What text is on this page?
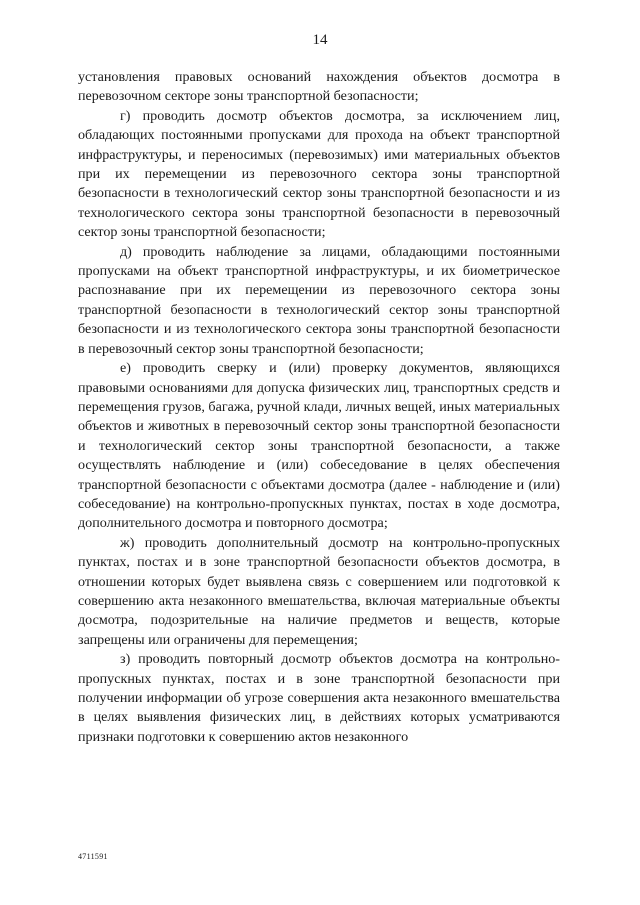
14

установления правовых оснований нахождения объектов досмотра в перевозочном секторе зоны транспортной безопасности;

г) проводить досмотр объектов досмотра, за исключением лиц, обладающих постоянными пропусками для прохода на объект транспортной инфраструктуры, и переносимых (перевозимых) ими материальных объектов при их перемещении из перевозочного сектора зоны транспортной безопасности в технологический сектор зоны транспортной безопасности и из технологического сектора зоны транспортной безопасности в перевозочный сектор зоны транспортной безопасности;

д) проводить наблюдение за лицами, обладающими постоянными пропусками на объект транспортной инфраструктуры, и их биометрическое распознавание при их перемещении из перевозочного сектора зоны транспортной безопасности в технологический сектор зоны транспортной безопасности и из технологического сектора зоны транспортной безопасности в перевозочный сектор зоны транспортной безопасности;

е) проводить сверку и (или) проверку документов, являющихся правовыми основаниями для допуска физических лиц, транспортных средств и перемещения грузов, багажа, ручной клади, личных вещей, иных материальных объектов и животных в перевозочный сектор зоны транспортной безопасности и технологический сектор зоны транспортной безопасности, а также осуществлять наблюдение и (или) собеседование в целях обеспечения транспортной безопасности с объектами досмотра (далее - наблюдение и (или) собеседование) на контрольно-пропускных пунктах, постах в ходе досмотра, дополнительного досмотра и повторного досмотра;

ж) проводить дополнительный досмотр на контрольно-пропускных пунктах, постах и в зоне транспортной безопасности объектов досмотра, в отношении которых будет выявлена связь с совершением или подготовкой к совершению акта незаконного вмешательства, включая материальные объекты досмотра, подозрительные на наличие предметов и веществ, которые запрещены или ограничены для перемещения;

з) проводить повторный досмотр объектов досмотра на контрольно-пропускных пунктах, постах и в зоне транспортной безопасности при получении информации об угрозе совершения акта незаконного вмешательства в целях выявления физических лиц, в действиях которых усматриваются признаки подготовки к совершению актов незаконного

4711591
